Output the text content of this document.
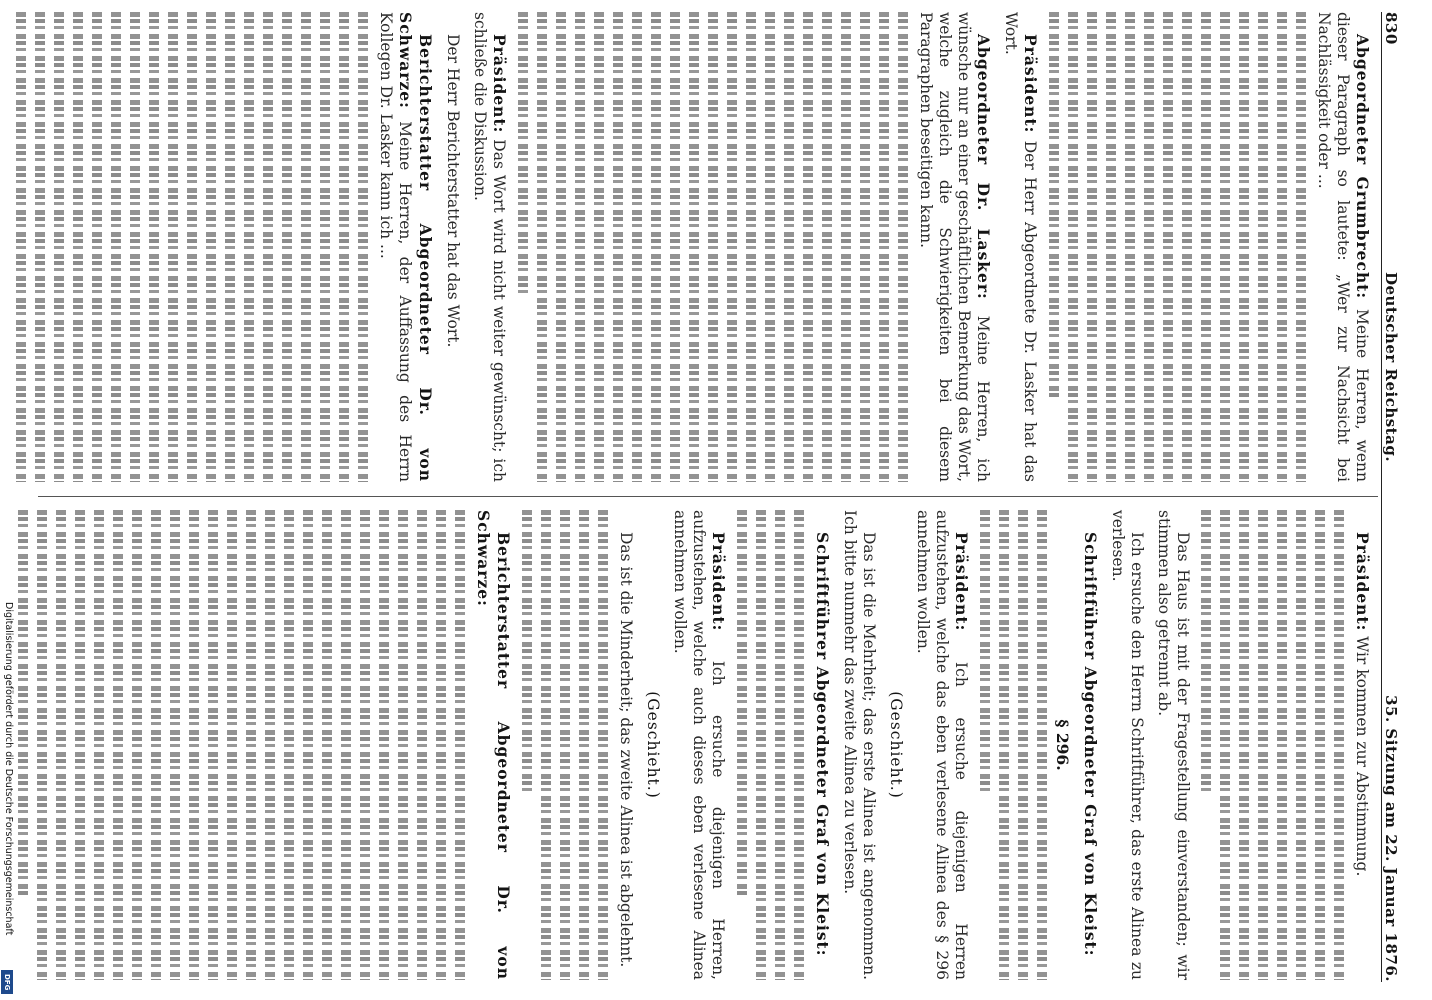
830
Deutscher Reichstag.
35. Sitzung am 22. Januar 1876.

Abgeordneter Grumbrecht: Meine Herren, wenn dieser Paragraph so lautete: „Wer zur Nachsicht bei Nachlässigkeit oder ...

Präsident: Der Herr Abgeordnete Dr. Lasker hat das Wort.

Abgeordneter Dr. Lasker: Meine Herren, ich wünsche nur an einer geschäftlichen Bemerkung das Wort, welche zugleich die Schwierigkeiten bei diesem Paragraphen beseitigen kann.

Präsident: Das Wort wird nicht weiter gewünscht; ich schließe die Diskussion.

Der Herr Berichterstatter hat das Wort.

Berichterstatter Abgeordneter Dr. von Schwarze: Meine Herren, der Auffassung des Herrn Kollegen Dr. Lasker kann ich ...

Präsident: Wir kommen zur Abstimmung.

Das Haus ist mit der Fragestellung einverstanden; wir stimmen also getrennt ab.

Ich ersuche den Herrn Schriftführer, das erste Alinea zu verlesen.

Schriftführer Abgeordneter Graf von Kleist:

§ 296.

Präsident: Ich ersuche diejenigen Herren aufzustehen, welche das eben verlesene Alinea des § 296 annehmen wollen.

(Geschieht.)

Das ist die Mehrheit; das erste Alinea ist angenommen. Ich bitte nunmehr das zweite Alinea zu verlesen.

Schriftführer Abgeordneter Graf von Kleist:

Präsident: Ich ersuche diejenigen Herren, aufzustehen, welche auch dieses eben verlesene Alinea annehmen wollen.

(Geschieht.)

Das ist die Minderheit; das zweite Alinea ist abgelehnt.

Berichterstatter Abgeordneter Dr. von Schwarze:

Digitalisierung gefördert durch die Deutsche Forschungsgemeinschaft
DFG
